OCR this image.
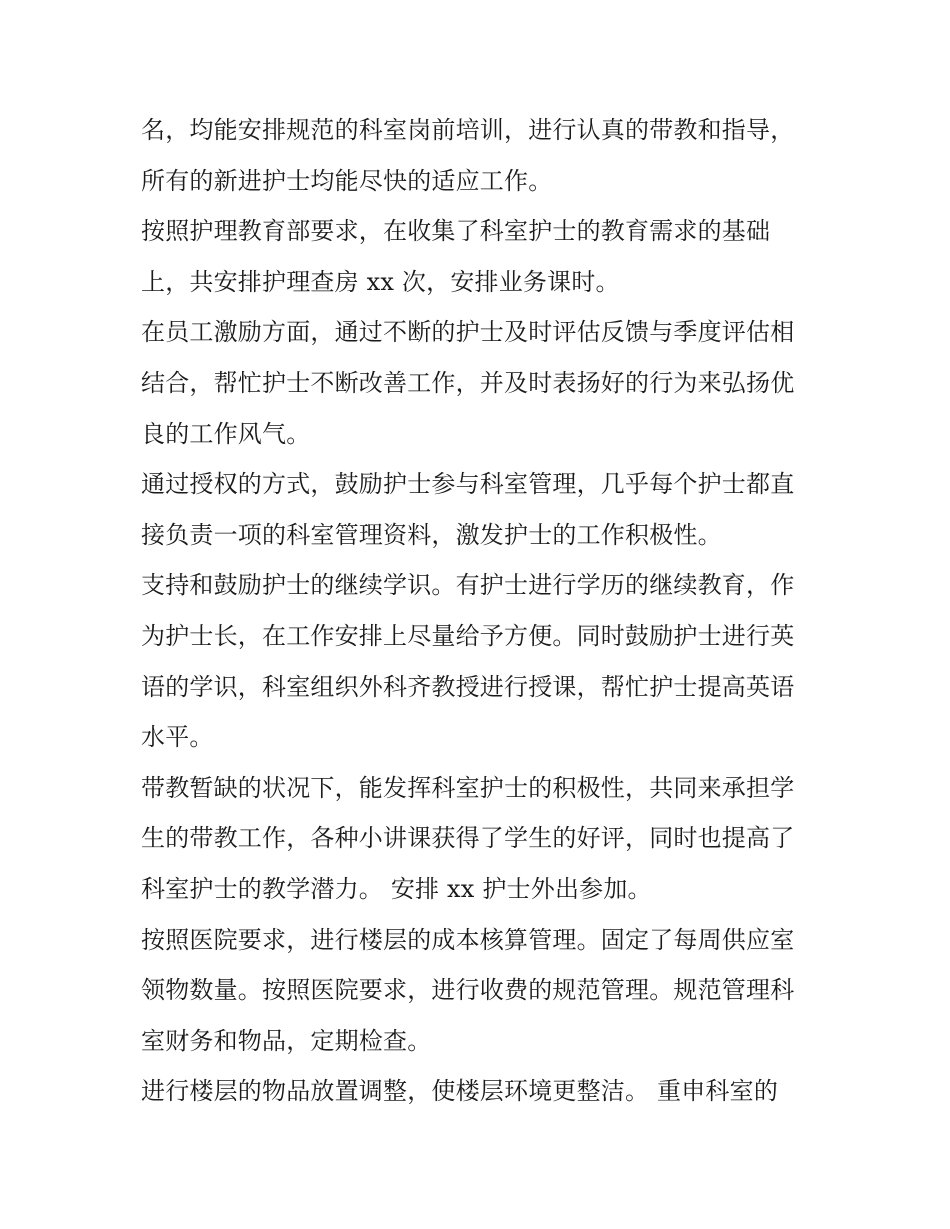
名，均能安排规范的科室岗前培训，进行认真的带教和指导，
所有的新进护士均能尽快的适应工作。
按照护理教育部要求，在收集了科室护士的教育需求的基础
上，共安排护理查房 xx 次，安排业务课时。
在员工激励方面，通过不断的护士及时评估反馈与季度评估相
结合，帮忙护士不断改善工作，并及时表扬好的行为来弘扬优
良的工作风气。
通过授权的方式，鼓励护士参与科室管理，几乎每个护士都直
接负责一项的科室管理资料，激发护士的工作积极性。
支持和鼓励护士的继续学识。有护士进行学历的继续教育，作
为护士长，在工作安排上尽量给予方便。同时鼓励护士进行英
语的学识，科室组织外科齐教授进行授课，帮忙护士提高英语
水平。
带教暂缺的状况下，能发挥科室护士的积极性，共同来承担学
生的带教工作，各种小讲课获得了学生的好评，同时也提高了
科室护士的教学潜力。 安排 xx 护士外出参加。
按照医院要求，进行楼层的成本核算管理。固定了每周供应室
领物数量。按照医院要求，进行收费的规范管理。规范管理科
室财务和物品，定期检查。
进行楼层的物品放置调整，使楼层环境更整洁。 重申科室的
